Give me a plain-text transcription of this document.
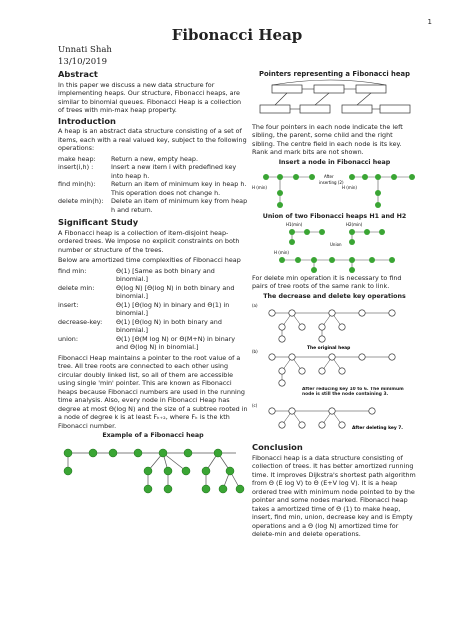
1
Fibonacci Heap
Unnati Shah
13/10/2019
Abstract

In this paper we discuss a new data structure for implementing heaps. Our structure, Fibonacci heaps, are similar to binomial queues. Fibonacci Heap is a collection of trees with min-max heap property.

Introduction

A heap is an abstract data structure consisting of a set of items, each with a real valued key, subject to the following operations:

make heap:	Return a new, empty heap.
insert(i,h) :	Insert a new item i with predefined key into heap h.
find min(h):	Return an item of minimum key in heap h. This operation does not change h.
delete min(h):	Delete an item of minimum key from heap h and return.
Significant Study

A Fibonacci heap is a collection of item-disjoint heap-ordered trees. We impose no explicit constraints on both number or structure of the trees.

Below are amortized time complexities of Fibonacci heap

find min:	Θ(1) [Same as both binary and binomial.]
delete min:	Θ(log N) [Θ(log N) in both binary and binomial.]
insert:	Θ(1) [Θ(log N) in binary and Θ(1) in binomial.]
decrease-key:	Θ(1) [Θ(log N) in both binary and binomial.]
union:	Θ(1) [Θ(M log N) or Θ(M+N) in binary and Θ(log N) in binomial.]

Fibonacci Heap maintains a pointer to the root value of a tree. All tree roots are connected to each other using circular doubly linked list, so all of them are accessible using single 'min' pointer. This are known as Fibonacci heaps because Fibonacci numbers are used in the running time analysis. Also, every node in Fibonacci Heap has degree at most Θ(log N) and the size of a subtree rooted in a node of degree k is at least Fₖ₊₂, where Fₖ is the kth Fibonacci number.

Example of a Fibonacci heap
Pointers representing a Fibonacci heap

The four pointers in each node indicate the left sibling, the parent, some child and the right sibling. The centre field in each node is its key. Rank and mark bits are not shown.

Insert a node in Fibonacci heap
H (min)
After
inserting (2)
H (min)
Union of two Fibonacci heaps H1 and H2
H1(min)	H2(min)
Union
H (min)

For delete min operation it is necessary to find pairs of tree roots of the same rank to link.

The decrease and delete key operations
(a)
The original heap
(b)
After reducing key 10 to 6. The minimum node is still the node containing 3.
(c)
After deleting key 7.
Conclusion

Fibonacci heap is a data structure consisting of collection of trees. It has better amortized running time. It improves Dijkstra's shortest path algorithm from Θ (E log V) to Θ (E+V log V). It is a heap ordered tree with minimum node pointed to by the pointer and some nodes marked. Fibonacci heap takes a amortized time of Θ (1) to make heap, insert, find min, union, decrease key and is Empty operations and a Θ (log N) amortized time for delete-min and delete operations.
